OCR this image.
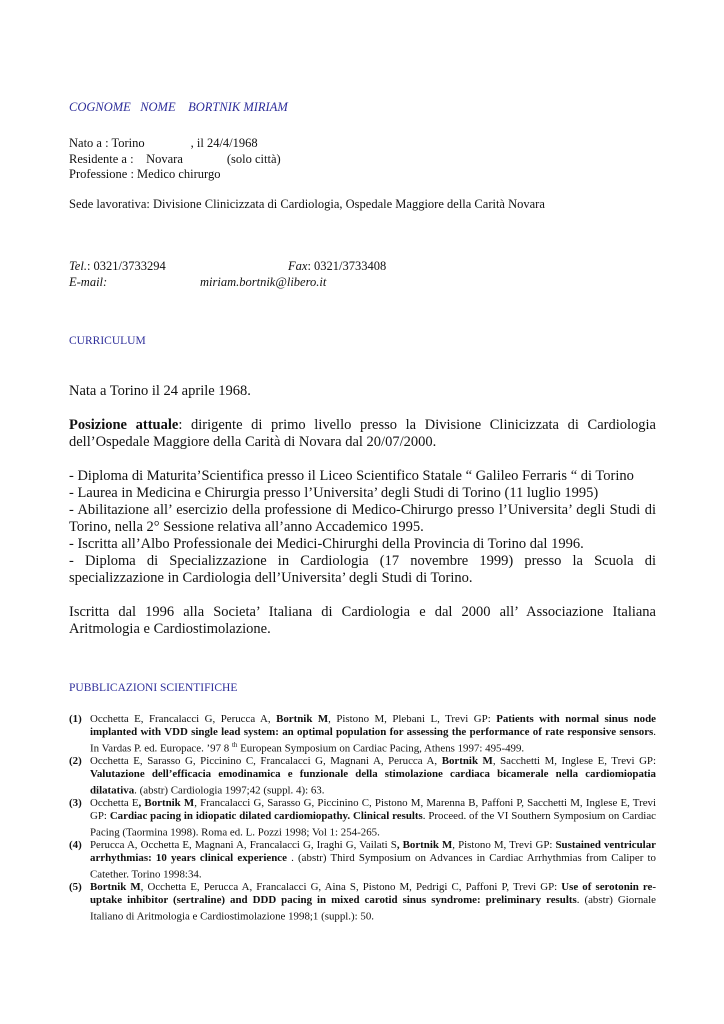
COGNOME NOME BORTNIK MIRIAM
Nato a : Torino	, il 24/4/1968
Residente a : Novara	(solo città)
Professione : Medico chirurgo
Sede lavorativa: Divisione Clinicizzata di Cardiologia, Ospedale Maggiore della Carità Novara
Tel.: 0321/3733294	Fax: 0321/3733408
E-mail:	miriam.bortnik@libero.it
CURRICULUM
Nata a Torino il 24 aprile 1968.
Posizione attuale: dirigente di primo livello presso la Divisione Clinicizzata di Cardiologia dell’Ospedale Maggiore della Carità di Novara dal 20/07/2000.
- Diploma di Maturita’Scientifica presso il Liceo Scientifico Statale “ Galileo Ferraris “ di Torino
- Laurea in Medicina e Chirurgia presso l’Universita’ degli Studi di Torino (11 luglio 1995)
- Abilitazione all’ esercizio della professione di Medico-Chirurgo presso l’Universita’ degli Studi di Torino, nella 2° Sessione relativa all’anno Accademico 1995.
- Iscritta all’Albo Professionale dei Medici-Chirurghi della Provincia di Torino dal 1996.
- Diploma di Specializzazione in Cardiologia (17 novembre 1999) presso la Scuola di specializzazione in Cardiologia dell’Universita’ degli Studi di Torino.
Iscritta dal 1996 alla Societa’ Italiana di Cardiologia e dal 2000 all’ Associazione Italiana Aritmologia e Cardiostimolazione.
PUBBLICAZIONI SCIENTIFICHE
(1) Occhetta E, Francalacci G, Perucca A, Bortnik M, Pistono M, Plebani L, Trevi GP: Patients with normal sinus node implanted with VDD single lead system: an optimal population for assessing the performance of rate responsive sensors. In Vardas P. ed. Europace. ’97 8 $^{th}$ European Symposium on Cardiac Pacing, Athens 1997: 495-499.
(2) Occhetta E, Sarasso G, Piccinino C, Francalacci G, Magnani A, Perucca A, Bortnik M, Sacchetti M, Inglese E, Trevi GP: Valutazione dell’efficacia emodinamica e funzionale della stimolazione cardiaca bicamerale nella cardiomiopatia dilatativa. (abstr) Cardiologia 1997;42 (suppl. 4): 63.
(3) Occhetta E, Bortnik M, Francalacci G, Sarasso G, Piccinino C, Pistono M, Marenna B, Paffoni P, Sacchetti M, Inglese E, Trevi GP: Cardiac pacing in idiopatic dilated cardiomiopathy. Clinical results. Proceed. of the VI Southern Symposium on Cardiac Pacing (Taormina 1998). Roma ed. L. Pozzi 1998; Vol 1: 254-265.
(4) Perucca A, Occhetta E, Magnani A, Francalacci G, Iraghi G, Vailati S, Bortnik M, Pistono M, Trevi GP: Sustained ventricular arrhythmias: 10 years clinical experience . (abstr) Third Symposium on Advances in Cardiac Arrhythmias from Caliper to Catether. Torino 1998:34.
(5) Bortnik M, Occhetta E, Perucca A, Francalacci G, Aina S, Pistono M, Pedrigi C, Paffoni P, Trevi GP: Use of serotonin re-uptake inhibitor (sertraline) and DDD pacing in mixed carotid sinus syndrome: preliminary results. (abstr) Giornale Italiano di Aritmologia e Cardiostimolazione 1998;1 (suppl.): 50.
